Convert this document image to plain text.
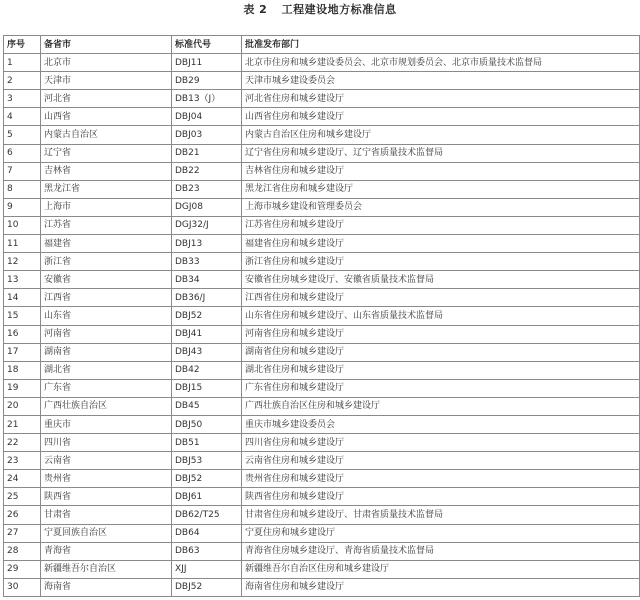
表 2 工程建设地方标准信息
序号	备省市	标准代号	批准发布部门
1	北京市	DBJ11	北京市住房和城乡建设委员会、北京市规划委员会、北京市质量技术监督局
2	天津市	DB29	天津市城乡建设委员会
3	河北省	DB13（J）	河北省住房和城乡建设厅
4	山西省	DBJ04	山西省住房和城乡建设厅
5	内蒙古自治区	DBJ03	内蒙古自治区住房和城乡建设厅
6	辽宁省	DB21	辽宁省住房和城乡建设厅、辽宁省质量技术监督局
7	吉林省	DB22	吉林省住房和城乡建设厅
8	黑龙江省	DB23	黑龙江省住房和城乡建设厅
9	上海市	DGJ08	上海市城乡建设和管理委员会
10	江苏省	DGJ32/J	江苏省住房和城乡建设厅
11	福建省	DBJ13	福建省住房和城乡建设厅
12	浙江省	DB33	浙江省住房和城乡建设厅
13	安徽省	DB34	安徽省住房城乡建设厅、安徽省质量技术监督局
14	江西省	DB36/J	江西省住房和城乡建设厅
15	山东省	DBJ52	山东省住房和城乡建设厅、山东省质量技术监督局
16	河南省	DBJ41	河南省住房和城乡建设厅
17	湖南省	DBJ43	湖南省住房和城乡建设厅
18	湖北省	DB42	湖北省住房和城乡建设厅
19	广东省	DBJ15	广东省住房和城乡建设厅
20	广西壮族自治区	DB45	广西壮族自治区住房和城乡建设厅
21	重庆市	DBJ50	重庆市城乡建设委员会
22	四川省	DB51	四川省住房和城乡建设厅
23	云南省	DBJ53	云南省住房和城乡建设厅
24	贵州省	DBJ52	贵州省住房和城乡建设厅
25	陕西省	DBJ61	陕西省住房和城乡建设厅
26	甘肃省	DB62/T25	甘肃省住房和城乡建设厅、甘肃省质量技术监督局
27	宁夏回族自治区	DB64	宁夏住房和城乡建设厅
28	青海省	DB63	青海省住房城乡建设厅、青海省质量技术监督局
29	新疆维吾尔自治区	XJJ	新疆维吾尔自治区住房和城乡建设厅
30	海南省	DBJ52	海南省住房和城乡建设厅
